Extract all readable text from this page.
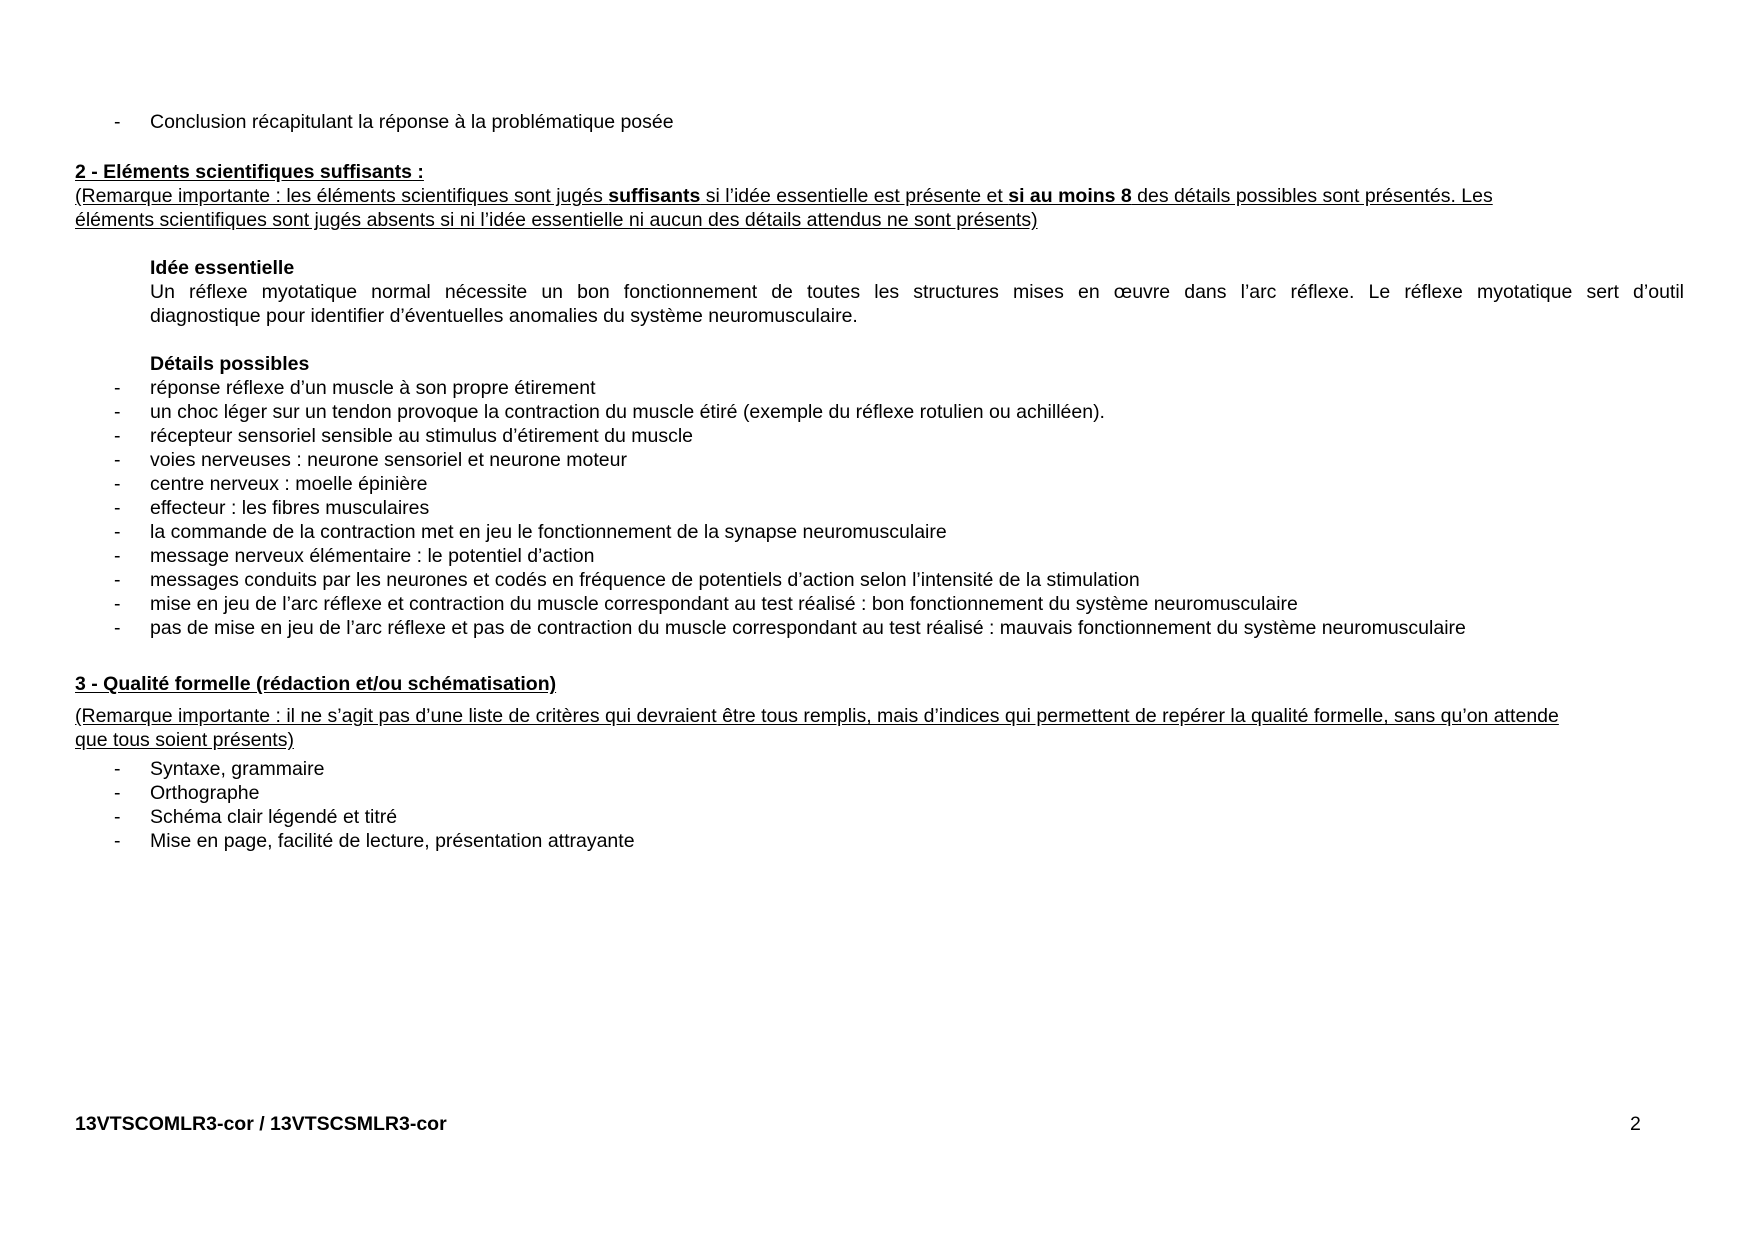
- Conclusion récapitulant la réponse à la problématique posée
2 - Eléments scientifiques suffisants :
(Remarque importante : les éléments scientifiques sont jugés suffisants si l’idée essentielle est présente et si au moins 8 des détails possibles sont présentés. Les
éléments scientifiques sont jugés absents si ni l’idée essentielle ni aucun des détails attendus ne sont présents)
Idée essentielle
Un réflexe myotatique normal nécessite un bon fonctionnement de toutes les structures mises en œuvre dans l’arc réflexe. Le réflexe myotatique sert d’outil
diagnostique pour identifier d’éventuelles anomalies du système neuromusculaire.
Détails possibles
- réponse réflexe d’un muscle à son propre étirement
- un choc léger sur un tendon provoque la contraction du muscle étiré (exemple du réflexe rotulien ou achilléen).
- récepteur sensoriel sensible au stimulus d’étirement du muscle
- voies nerveuses : neurone sensoriel et neurone moteur
- centre nerveux : moelle épinière
- effecteur : les fibres musculaires
- la commande de la contraction met en jeu le fonctionnement de la synapse neuromusculaire
- message nerveux élémentaire : le potentiel d’action
- messages conduits par les neurones et codés en fréquence de potentiels d’action selon l’intensité de la stimulation
- mise en jeu de l’arc réflexe et contraction du muscle correspondant au test réalisé : bon fonctionnement du système neuromusculaire
- pas de mise en jeu de l’arc réflexe et pas de contraction du muscle correspondant au test réalisé : mauvais fonctionnement du système neuromusculaire
3 - Qualité formelle (rédaction et/ou schématisation)
(Remarque importante : il ne s’agit pas d’une liste de critères qui devraient être tous remplis, mais d’indices qui permettent de repérer la qualité formelle, sans qu’on attende
que tous soient présents)
- Syntaxe, grammaire
- Orthographe
- Schéma clair légendé et titré
- Mise en page, facilité de lecture, présentation attrayante
13VTSCOMLR3-cor / 13VTSCSMLR3-cor	2
